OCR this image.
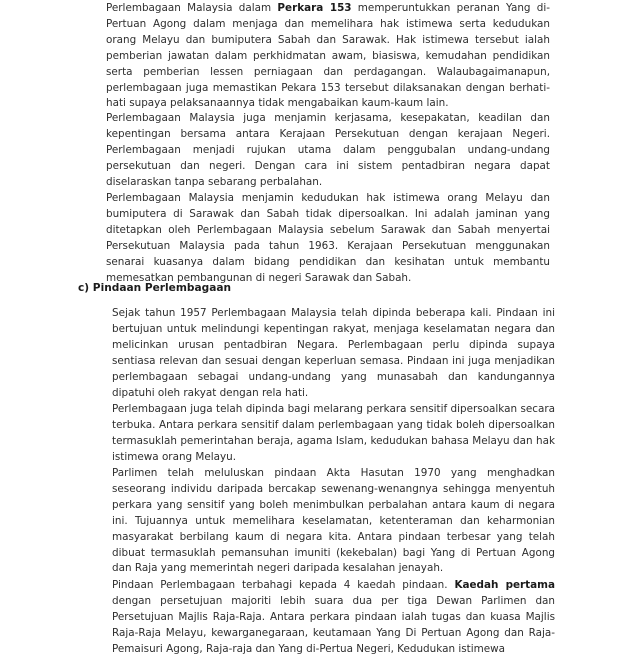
Perlembagaan Malaysia dalam Perkara 153 memperuntukkan peranan Yang di-Pertuan Agong dalam menjaga dan memelihara hak istimewa serta kedudukan orang Melayu dan bumiputera Sabah dan Sarawak. Hak istimewa tersebut ialah pemberian jawatan dalam perkhidmatan awam, biasiswa, kemudahan pendidikan serta pemberian lessen perniagaan dan perdagangan. Walaubagaimanapun, perlembagaan juga memastikan Pekara 153 tersebut dilaksanakan dengan berhati-hati supaya pelaksanaannya tidak mengabaikan kaum-kaum lain.

Perlembagaan Malaysia juga menjamin kerjasama, kesepakatan, keadilan dan kepentingan bersama antara Kerajaan Persekutuan dengan kerajaan Negeri. Perlembagaan menjadi rujukan utama dalam penggubalan undang-undang persekutuan dan negeri. Dengan cara ini sistem pentadbiran negara dapat diselaraskan tanpa sebarang perbalahan.

Perlembagaan Malaysia menjamin kedudukan hak istimewa orang Melayu dan bumiputera di Sarawak dan Sabah tidak dipersoalkan. Ini adalah jaminan yang ditetapkan oleh Perlembagaan Malaysia sebelum Sarawak dan Sabah menyertai Persekutuan Malaysia pada tahun 1963. Kerajaan Persekutuan menggunakan senarai kuasanya dalam bidang pendidikan dan kesihatan untuk membantu memesatkan pembangunan di negeri Sarawak dan Sabah.

c) Pindaan Perlembagaan

Sejak tahun 1957 Perlembagaan Malaysia telah dipinda beberapa kali. Pindaan ini bertujuan untuk melindungi kepentingan rakyat, menjaga keselamatan negara dan melicinkan urusan pentadbiran Negara. Perlembagaan perlu dipinda supaya sentiasa relevan dan sesuai dengan keperluan semasa. Pindaan ini juga menjadikan perlembagaan sebagai undang-undang yang munasabah dan kandungannya dipatuhi oleh rakyat dengan rela hati.

Perlembagaan juga telah dipinda bagi melarang perkara sensitif dipersoalkan secara terbuka. Antara perkara sensitif dalam perlembagaan yang tidak boleh dipersoalkan termasuklah pemerintahan beraja, agama Islam, kedudukan bahasa Melayu dan hak istimewa orang Melayu.

Parlimen telah meluluskan pindaan Akta Hasutan 1970 yang menghadkan seseorang individu daripada bercakap sewenang-wenangnya sehingga menyentuh perkara yang sensitif yang boleh menimbulkan perbalahan antara kaum di negara ini. Tujuannya untuk memelihara keselamatan, ketenteraman dan keharmonian masyarakat berbilang kaum di negara kita. Antara pindaan terbesar yang telah dibuat termasuklah pemansuhan imuniti (kekebalan) bagi Yang di Pertuan Agong dan Raja yang memerintah negeri daripada kesalahan jenayah.

Pindaan Perlembagaan terbahagi kepada 4 kaedah pindaan. Kaedah pertama dengan persetujuan majoriti lebih suara dua per tiga Dewan Parlimen dan Persetujuan Majlis Raja-Raja. Antara perkara pindaan ialah tugas dan kuasa Majlis Raja-Raja Melayu, kewarganegaraan, keutamaan Yang Di Pertuan Agong dan Raja-Pemaisuri Agong, Raja-raja dan Yang di-Pertua Negeri, Kedudukan istimewa
